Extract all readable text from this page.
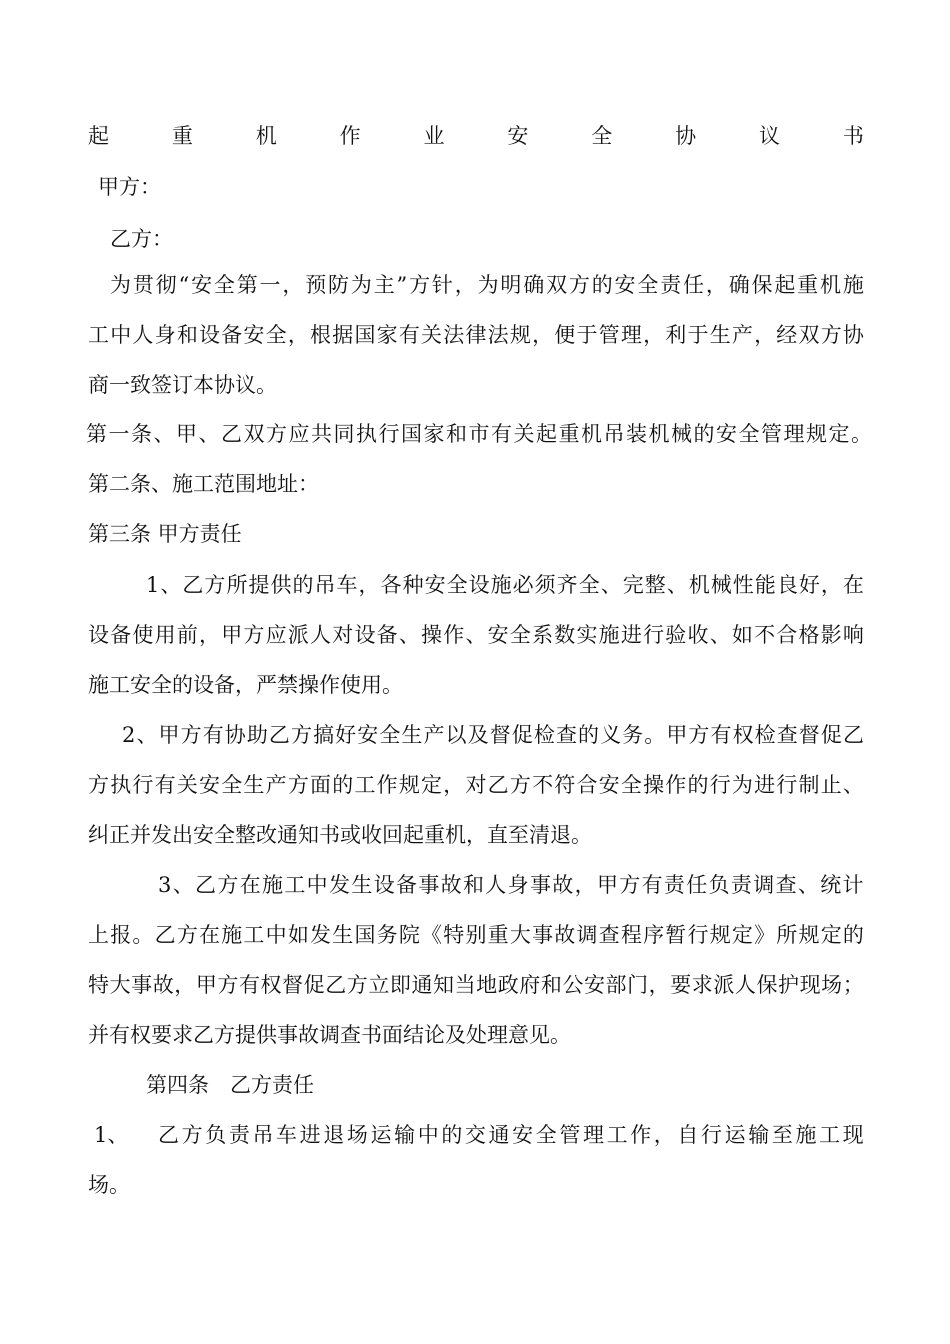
起	重	机	作	业	安	全	协	议	书
甲方：
乙方：
为 贯 彻 “ 安 全 第 一 ， 预 防 为 主 ” 方 针 ， 为 明 确 双 方 的 安 全 责 任 ， 确 保 起 重 机 施
工 中 人 身 和 设 备 安 全 ， 根 据 国 家 有 关 法 律 法 规 ， 便 于 管 理 ， 利 于 生 产 ， 经 双 方 协
商一致签订本协议。
第 一 条 、 甲 、 乙 双 方 应 共 同 执 行 国 家 和 市 有 关 起 重 机 吊 装 机 械 的 安 全 管 理 规 定 。
第二条、施工范围地址：
第三条 甲方责任
1 、 乙 方 所 提 供 的 吊 车 ， 各 种 安 全 设 施 必 须 齐 全 、 完 整 、 机 械 性 能 良 好 ， 在
设 备 使 用 前 ， 甲 方 应 派 人 对 设 备 、 操 作 、 安 全 系 数 实 施 进 行 验 收 、 如 不 合 格 影 响
施工安全的设备，严禁操作使用。
2 、 甲 方 有 协 助 乙 方 搞 好 安 全 生 产 以 及 督 促 检 查 的 义 务 。 甲 方 有 权 检 查 督 促 乙
方 执 行 有 关 安 全 生 产 方 面 的 工 作 规 定 ， 对 乙 方 不 符 合 安 全 操 作 的 行 为 进 行 制 止 、
纠正并发出安全整改通知书或收回起重机，直至清退。
3 、 乙 方 在 施 工 中 发 生 设 备 事 故 和 人 身 事 故 ， 甲 方 有 责 任 负 责 调 查 、 统 计
上 报 。 乙 方 在 施 工 中 如 发 生 国 务 院 《 特 别 重 大 事 故 调 查 程 序 暂 行 规 定 》 所 规 定 的
特 大 事 故 ， 甲 方 有 权 督 促 乙 方 立 即 通 知 当 地 政 府 和 公 安 部 门 ， 要 求 派 人 保 护 现 场 ；
并有权要求乙方提供事故调查书面结论及处理意见。
第四条　乙方责任
1、	乙 方 负 责 吊 车 进 退 场 运 输 中 的 交 通 安 全 管 理 工 作 ， 自 行 运 输 至 施 工 现
场。
